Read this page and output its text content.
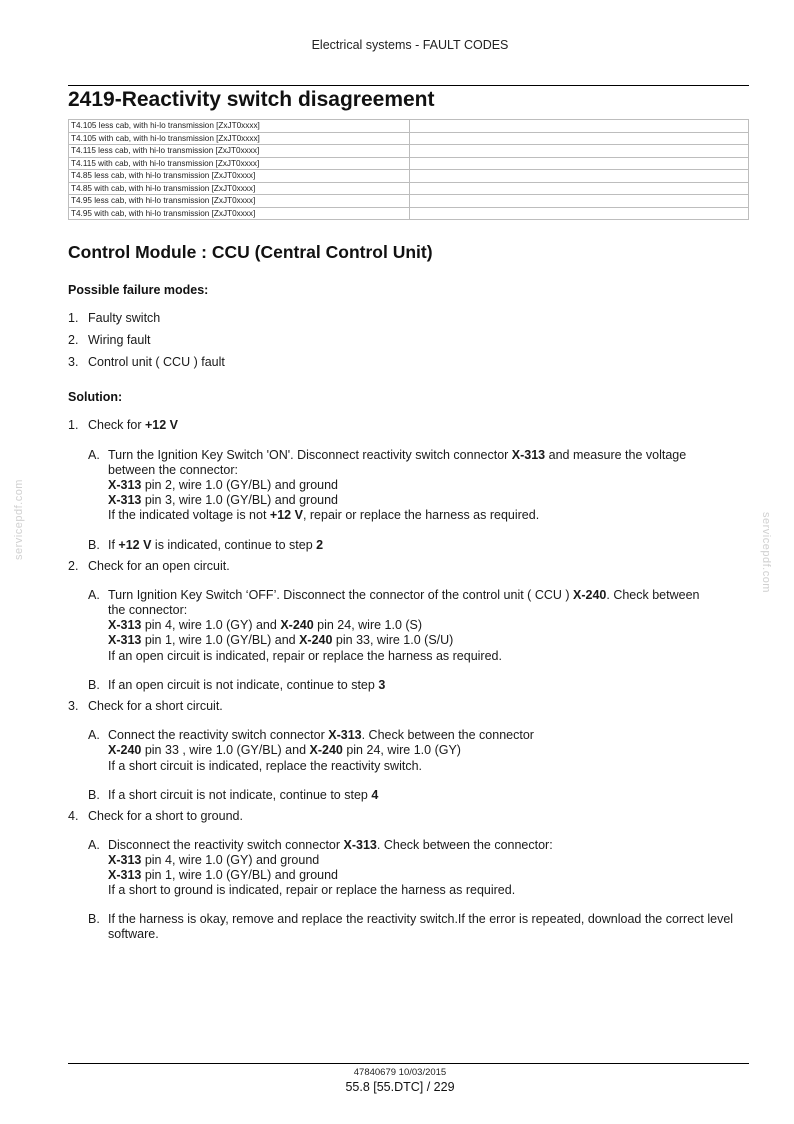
Electrical systems - FAULT CODES
2419-Reactivity switch disagreement
T4.105 less cab, with hi-lo transmission [ZxJT0xxxx]	
T4.105 with cab, with hi-lo transmission [ZxJT0xxxx]	
T4.115 less cab, with hi-lo transmission [ZxJT0xxxx]	
T4.115 with cab, with hi-lo transmission [ZxJT0xxxx]	
T4.85 less cab, with hi-lo transmission [ZxJT0xxxx]	
T4.85 with cab, with hi-lo transmission [ZxJT0xxxx]	
T4.95 less cab, with hi-lo transmission [ZxJT0xxxx]	
T4.95 with cab, with hi-lo transmission [ZxJT0xxxx]	
Control Module : CCU (Central Control Unit)
Possible failure modes:
1. Faulty switch
2. Wiring fault
3. Control unit ( CCU ) fault
Solution:
1. Check for +12 V
A. Turn the Ignition Key Switch 'ON'. Disconnect reactivity switch connector X-313 and measure the voltage
between the connector:
X-313 pin 2, wire 1.0 (GY/BL) and ground
X-313 pin 3, wire 1.0 (GY/BL) and ground
If the indicated voltage is not +12 V, repair or replace the harness as required.
B. If +12 V is indicated, continue to step 2
2. Check for an open circuit.
A. Turn Ignition Key Switch ‘OFF’. Disconnect the connector of the control unit ( CCU ) X-240. Check between
the connector:
X-313 pin 4, wire 1.0 (GY) and X-240 pin 24, wire 1.0 (S)
X-313 pin 1, wire 1.0 (GY/BL) and X-240 pin 33, wire 1.0 (S/U)
If an open circuit is indicated, repair or replace the harness as required.
B. If an open circuit is not indicate, continue to step 3
3. Check for a short circuit.
A. Connect the reactivity switch connector X-313. Check between the connector
X-240 pin 33 , wire 1.0 (GY/BL) and X-240 pin 24, wire 1.0 (GY)
If a short circuit is indicated, replace the reactivity switch.
B. If a short circuit is not indicate, continue to step 4
4. Check for a short to ground.
A. Disconnect the reactivity switch connector X-313. Check between the connector:
X-313 pin 4, wire 1.0 (GY) and ground
X-313 pin 1, wire 1.0 (GY/BL) and ground
If a short to ground is indicated, repair or replace the harness as required.
B. If the harness is okay, remove and replace the reactivity switch.If the error is repeated, download the correct level software.
servicepdf.com	servicepdf.com
47840679 10/03/2015
55.8 [55.DTC] / 229
